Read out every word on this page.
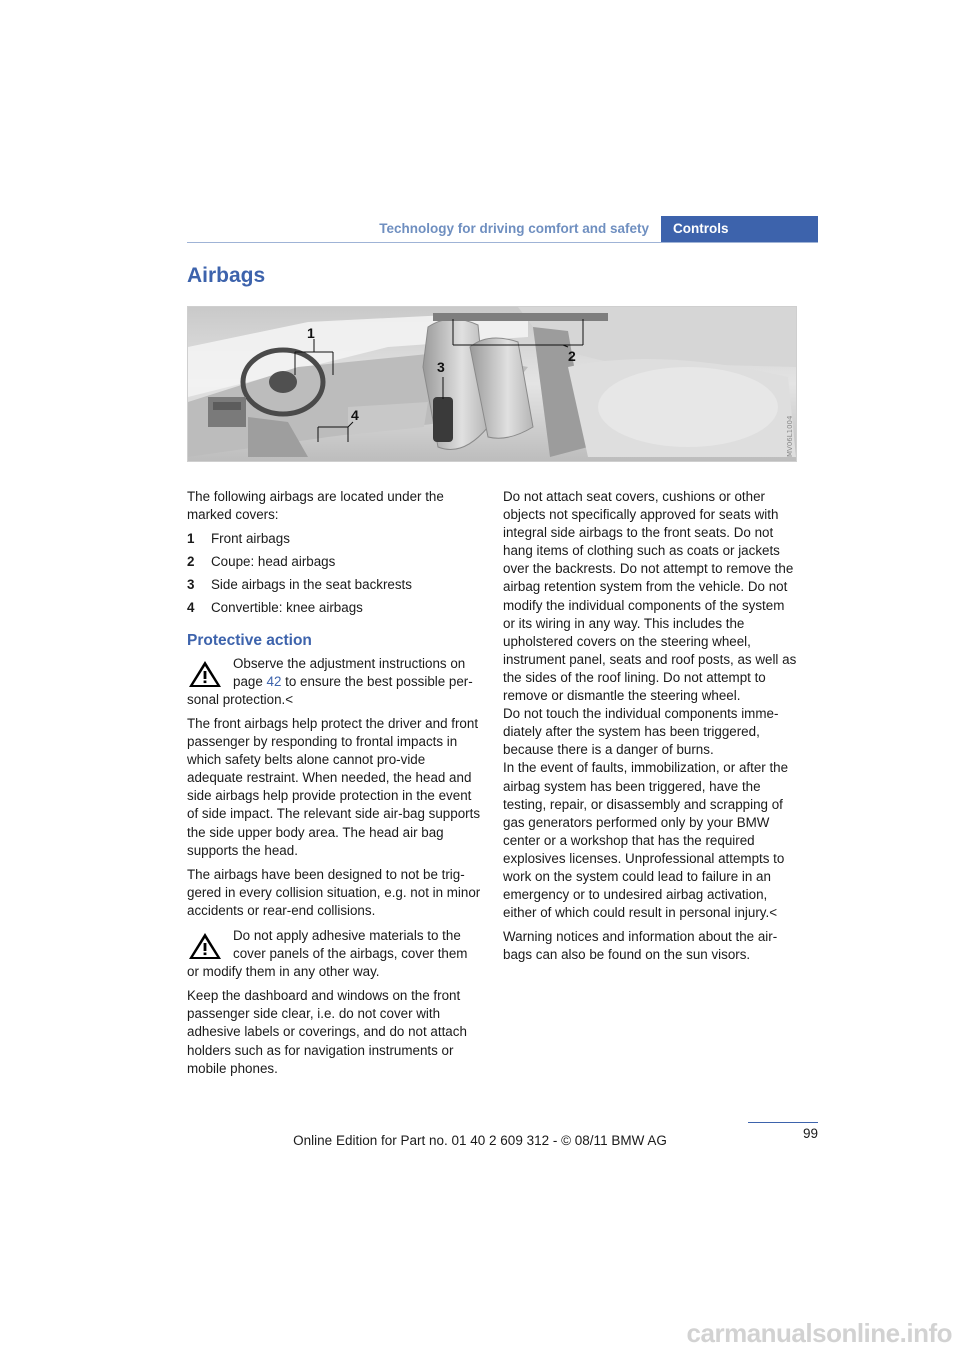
Technology for driving comfort and safety	Controls
Airbags
MV06L1004
1
2
3
4

The following airbags are located under the marked covers:

1	Front airbags
2	Coupe: head airbags
3	Side airbags in the seat backrests
4	Convertible: knee airbags
Protective action
Observe the adjustment instructions on page 42 to ensure the best possible per-sonal protection.<

The front airbags help protect the driver and front passenger by responding to frontal impacts in which safety belts alone cannot pro-vide adequate restraint. When needed, the head and side airbags help provide protection in the event of side impact. The relevant side air-bag supports the side upper body area. The head air bag supports the head.

The airbags have been designed to not be trig-gered in every collision situation, e.g. not in minor accidents or rear-end collisions.

Do not apply adhesive materials to the cover panels of the airbags, cover them or modify them in any other way.

Keep the dashboard and windows on the front passenger side clear, i.e. do not cover with adhesive labels or coverings, and do not attach holders such as for navigation instruments or mobile phones.

Do not attach seat covers, cushions or other objects not specifically approved for seats with integral side airbags to the front seats. Do not hang items of clothing such as coats or jackets over the backrests. Do not attempt to remove the airbag retention system from the vehicle. Do not modify the individual components of the system or its wiring in any way. This includes the upholstered covers on the steering wheel, instrument panel, seats and roof posts, as well as the sides of the roof lining. Do not attempt to remove or dismantle the steering wheel.

Do not touch the individual components imme-diately after the system has been triggered, because there is a danger of burns.

In the event of faults, immobilization, or after the airbag system has been triggered, have the testing, repair, or disassembly and scrapping of gas generators performed only by your BMW center or a workshop that has the required explosives licenses. Unprofessional attempts to work on the system could lead to failure in an emergency or to undesired airbag activation, either of which could result in personal injury.<

Warning notices and information about the air-bags can also be found on the sun visors.

99
Online Edition for Part no. 01 40 2 609 312 - © 08/11 BMW AG
carmanualsonline.info
